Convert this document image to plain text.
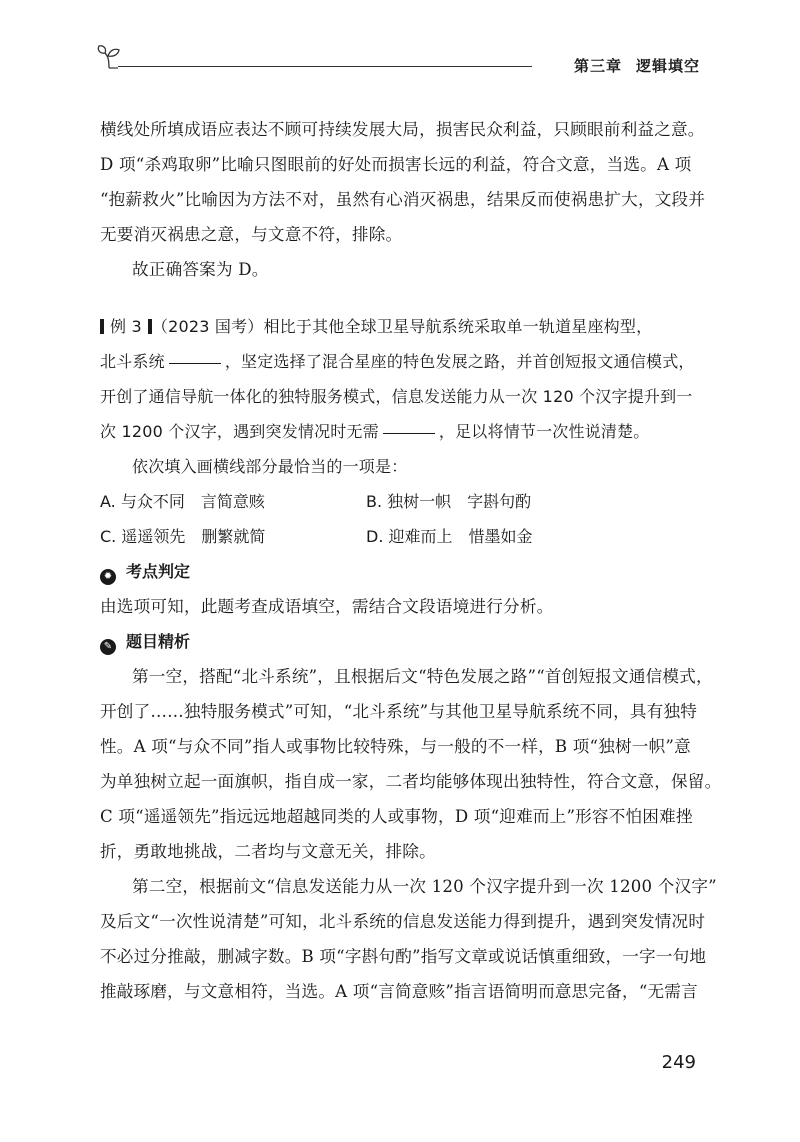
第三章 逻辑填空

横线处所填成语应表达不顾可持续发展大局，损害民众利益，只顾眼前利益之意。

D 项“杀鸡取卵”比喻只图眼前的好处而损害长远的利益，符合文意，当选。A 项

“抱薪救火”比喻因为方法不对，虽然有心消灭祸患，结果反而使祸患扩大，文段并

无要消灭祸患之意，与文意不符，排除。

故正确答案为 D。

例 3 （2023 国考）相比于其他全球卫星导航系统采取单一轨道星座构型，

北斗系统	，坚定选择了混合星座的特色发展之路，并首创短报文通信模式，

开创了通信导航一体化的独特服务模式，信息发送能力从一次 120 个汉字提升到一

次 1200 个汉字，遇到突发情况时无需	，足以将情节一次性说清楚。

依次填入画横线部分最恰当的一项是：

A. 与众不同　言简意赅	B. 独树一帜　字斟句酌
C. 遥遥领先　删繁就简	D. 迎难而上　惜墨如金
✹ 考点判定

由选项可知，此题考查成语填空，需结合文段语境进行分析。

✎ 题目精析

第一空，搭配“北斗系统”，且根据后文“特色发展之路”“首创短报文通信模式，

开创了……独特服务模式”可知，“北斗系统”与其他卫星导航系统不同，具有独特

性。A 项“与众不同”指人或事物比较特殊，与一般的不一样，B 项“独树一帜”意

为单独树立起一面旗帜，指自成一家，二者均能够体现出独特性，符合文意，保留。

C 项“遥遥领先”指远远地超越同类的人或事物，D 项“迎难而上”形容不怕困难挫

折，勇敢地挑战，二者均与文意无关，排除。

第二空，根据前文“信息发送能力从一次 120 个汉字提升到一次 1200 个汉字”

及后文“一次性说清楚”可知，北斗系统的信息发送能力得到提升，遇到突发情况时

不必过分推敲，删减字数。B 项“字斟句酌”指写文章或说话慎重细致，一字一句地

推敲琢磨，与文意相符，当选。A 项“言简意赅”指言语简明而意思完备，“无需言

249
